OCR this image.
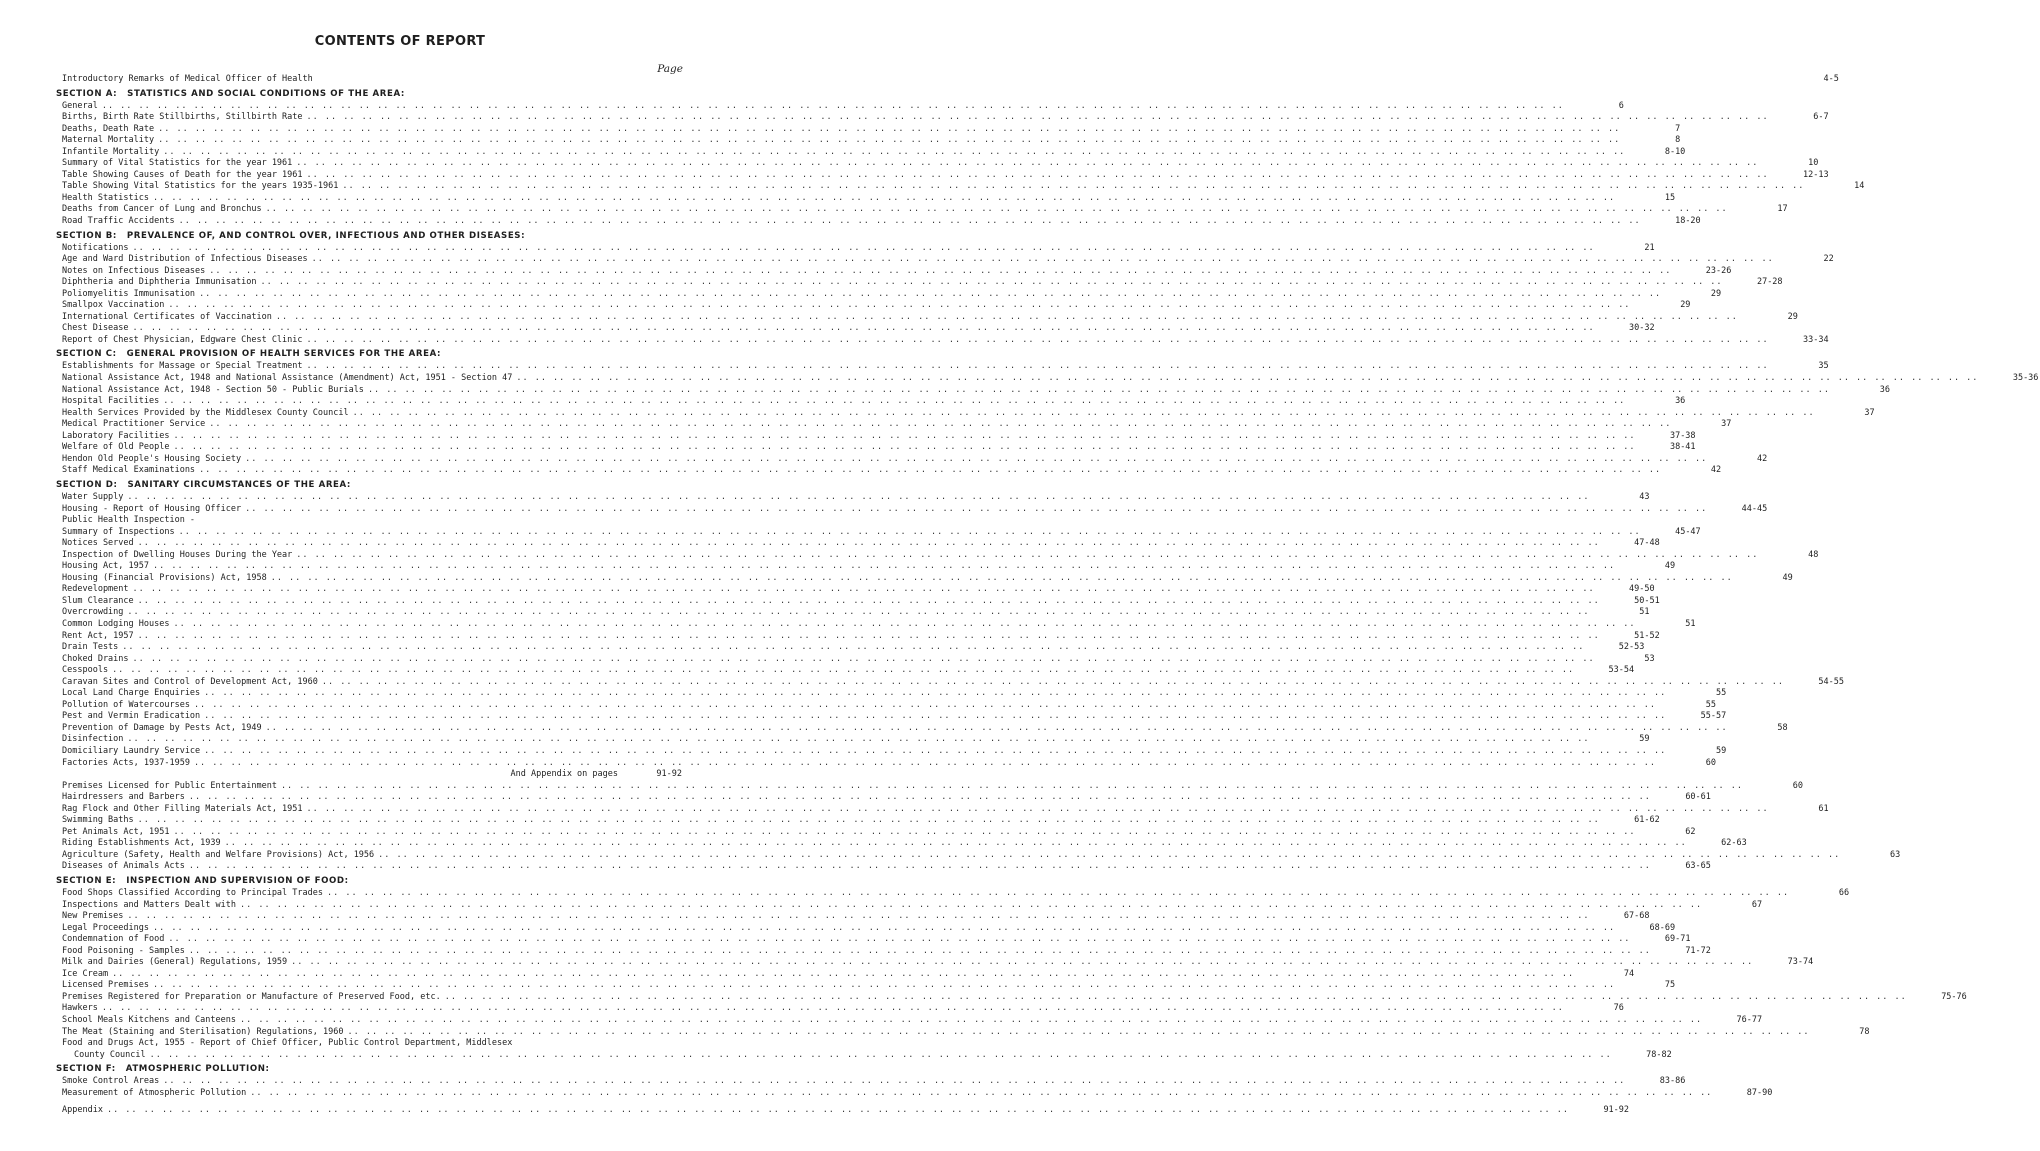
CONTENTS OF REPORT
Page
Introductory Remarks of Medical Officer of Health	4-5
SECTION A: STATISTICS AND SOCIAL CONDITIONS OF THE AREA:
General .. .. .. .. .. .. .. .. .. .. .. .. .. .. .. .. .. .. .. .. .. .. .. .. .. .. .. .. .. .. .. .. .. .. .. .. .. .. .. .. .. .. .. .. .. .. .. .. .. .. .. .. .. .. .. .. .. .. .. .. .. .. .. .. .. .. .. .. .. .. .. .. .. .. .. .. .. .. .. ..	6
Births, Birth Rate Stillbirths, Stillbirth Rate .. .. .. .. .. .. .. .. .. .. .. .. .. .. .. .. .. .. .. .. .. .. .. .. .. .. .. .. .. .. .. .. .. .. .. .. .. .. .. .. .. .. .. .. .. .. .. .. .. .. .. .. .. .. .. .. .. .. .. .. .. .. .. .. .. .. .. .. .. .. .. .. .. .. .. .. .. .. .. ..	6-7
Deaths, Death Rate .. .. .. .. .. .. .. .. .. .. .. .. .. .. .. .. .. .. .. .. .. .. .. .. .. .. .. .. .. .. .. .. .. .. .. .. .. .. .. .. .. .. .. .. .. .. .. .. .. .. .. .. .. .. .. .. .. .. .. .. .. .. .. .. .. .. .. .. .. .. .. .. .. .. .. .. .. .. .. ..	7
Maternal Mortality .. .. .. .. .. .. .. .. .. .. .. .. .. .. .. .. .. .. .. .. .. .. .. .. .. .. .. .. .. .. .. .. .. .. .. .. .. .. .. .. .. .. .. .. .. .. .. .. .. .. .. .. .. .. .. .. .. .. .. .. .. .. .. .. .. .. .. .. .. .. .. .. .. .. .. .. .. .. .. ..	8
Infantile Mortality .. .. .. .. .. .. .. .. .. .. .. .. .. .. .. .. .. .. .. .. .. .. .. .. .. .. .. .. .. .. .. .. .. .. .. .. .. .. .. .. .. .. .. .. .. .. .. .. .. .. .. .. .. .. .. .. .. .. .. .. .. .. .. .. .. .. .. .. .. .. .. .. .. .. .. .. .. .. .. ..	8-10
Summary of Vital Statistics for the year 1961 .. .. .. .. .. .. .. .. .. .. .. .. .. .. .. .. .. .. .. .. .. .. .. .. .. .. .. .. .. .. .. .. .. .. .. .. .. .. .. .. .. .. .. .. .. .. .. .. .. .. .. .. .. .. .. .. .. .. .. .. .. .. .. .. .. .. .. .. .. .. .. .. .. .. .. .. .. .. .. ..	10
Table Showing Causes of Death for the year 1961 .. .. .. .. .. .. .. .. .. .. .. .. .. .. .. .. .. .. .. .. .. .. .. .. .. .. .. .. .. .. .. .. .. .. .. .. .. .. .. .. .. .. .. .. .. .. .. .. .. .. .. .. .. .. .. .. .. .. .. .. .. .. .. .. .. .. .. .. .. .. .. .. .. .. .. .. .. .. .. ..	12-13
Table Showing Vital Statistics for the years 1935-1961 .. .. .. .. .. .. .. .. .. .. .. .. .. .. .. .. .. .. .. .. .. .. .. .. .. .. .. .. .. .. .. .. .. .. .. .. .. .. .. .. .. .. .. .. .. .. .. .. .. .. .. .. .. .. .. .. .. .. .. .. .. .. .. .. .. .. .. .. .. .. .. .. .. .. .. .. .. .. .. ..	14
Health Statistics .. .. .. .. .. .. .. .. .. .. .. .. .. .. .. .. .. .. .. .. .. .. .. .. .. .. .. .. .. .. .. .. .. .. .. .. .. .. .. .. .. .. .. .. .. .. .. .. .. .. .. .. .. .. .. .. .. .. .. .. .. .. .. .. .. .. .. .. .. .. .. .. .. .. .. .. .. .. .. ..	15
Deaths from Cancer of Lung and Bronchus .. .. .. .. .. .. .. .. .. .. .. .. .. .. .. .. .. .. .. .. .. .. .. .. .. .. .. .. .. .. .. .. .. .. .. .. .. .. .. .. .. .. .. .. .. .. .. .. .. .. .. .. .. .. .. .. .. .. .. .. .. .. .. .. .. .. .. .. .. .. .. .. .. .. .. .. .. .. .. ..	17
Road Traffic Accidents .. .. .. .. .. .. .. .. .. .. .. .. .. .. .. .. .. .. .. .. .. .. .. .. .. .. .. .. .. .. .. .. .. .. .. .. .. .. .. .. .. .. .. .. .. .. .. .. .. .. .. .. .. .. .. .. .. .. .. .. .. .. .. .. .. .. .. .. .. .. .. .. .. .. .. .. .. .. .. ..	18-20
SECTION B: PREVALENCE OF, AND CONTROL OVER, INFECTIOUS AND OTHER DISEASES:
Notifications .. .. .. .. .. .. .. .. .. .. .. .. .. .. .. .. .. .. .. .. .. .. .. .. .. .. .. .. .. .. .. .. .. .. .. .. .. .. .. .. .. .. .. .. .. .. .. .. .. .. .. .. .. .. .. .. .. .. .. .. .. .. .. .. .. .. .. .. .. .. .. .. .. .. .. .. .. .. .. ..	21
Age and Ward Distribution of Infectious Diseases .. .. .. .. .. .. .. .. .. .. .. .. .. .. .. .. .. .. .. .. .. .. .. .. .. .. .. .. .. .. .. .. .. .. .. .. .. .. .. .. .. .. .. .. .. .. .. .. .. .. .. .. .. .. .. .. .. .. .. .. .. .. .. .. .. .. .. .. .. .. .. .. .. .. .. .. .. .. .. ..	22
Notes on Infectious Diseases .. .. .. .. .. .. .. .. .. .. .. .. .. .. .. .. .. .. .. .. .. .. .. .. .. .. .. .. .. .. .. .. .. .. .. .. .. .. .. .. .. .. .. .. .. .. .. .. .. .. .. .. .. .. .. .. .. .. .. .. .. .. .. .. .. .. .. .. .. .. .. .. .. .. .. .. .. .. .. ..	23-26
Diphtheria and Diphtheria Immunisation .. .. .. .. .. .. .. .. .. .. .. .. .. .. .. .. .. .. .. .. .. .. .. .. .. .. .. .. .. .. .. .. .. .. .. .. .. .. .. .. .. .. .. .. .. .. .. .. .. .. .. .. .. .. .. .. .. .. .. .. .. .. .. .. .. .. .. .. .. .. .. .. .. .. .. .. .. .. .. ..	27-28
Poliomyelitis Immunisation .. .. .. .. .. .. .. .. .. .. .. .. .. .. .. .. .. .. .. .. .. .. .. .. .. .. .. .. .. .. .. .. .. .. .. .. .. .. .. .. .. .. .. .. .. .. .. .. .. .. .. .. .. .. .. .. .. .. .. .. .. .. .. .. .. .. .. .. .. .. .. .. .. .. .. .. .. .. .. ..	29
Smallpox Vaccination .. .. .. .. .. .. .. .. .. .. .. .. .. .. .. .. .. .. .. .. .. .. .. .. .. .. .. .. .. .. .. .. .. .. .. .. .. .. .. .. .. .. .. .. .. .. .. .. .. .. .. .. .. .. .. .. .. .. .. .. .. .. .. .. .. .. .. .. .. .. .. .. .. .. .. .. .. .. .. ..	29
International Certificates of Vaccination .. .. .. .. .. .. .. .. .. .. .. .. .. .. .. .. .. .. .. .. .. .. .. .. .. .. .. .. .. .. .. .. .. .. .. .. .. .. .. .. .. .. .. .. .. .. .. .. .. .. .. .. .. .. .. .. .. .. .. .. .. .. .. .. .. .. .. .. .. .. .. .. .. .. .. .. .. .. .. ..	29
Chest Disease .. .. .. .. .. .. .. .. .. .. .. .. .. .. .. .. .. .. .. .. .. .. .. .. .. .. .. .. .. .. .. .. .. .. .. .. .. .. .. .. .. .. .. .. .. .. .. .. .. .. .. .. .. .. .. .. .. .. .. .. .. .. .. .. .. .. .. .. .. .. .. .. .. .. .. .. .. .. .. ..	30-32
Report of Chest Physician, Edgware Chest Clinic .. .. .. .. .. .. .. .. .. .. .. .. .. .. .. .. .. .. .. .. .. .. .. .. .. .. .. .. .. .. .. .. .. .. .. .. .. .. .. .. .. .. .. .. .. .. .. .. .. .. .. .. .. .. .. .. .. .. .. .. .. .. .. .. .. .. .. .. .. .. .. .. .. .. .. .. .. .. .. ..	33-34
SECTION C: GENERAL PROVISION OF HEALTH SERVICES FOR THE AREA:
Establishments for Massage or Special Treatment .. .. .. .. .. .. .. .. .. .. .. .. .. .. .. .. .. .. .. .. .. .. .. .. .. .. .. .. .. .. .. .. .. .. .. .. .. .. .. .. .. .. .. .. .. .. .. .. .. .. .. .. .. .. .. .. .. .. .. .. .. .. .. .. .. .. .. .. .. .. .. .. .. .. .. .. .. .. .. ..	35
National Assistance Act, 1948 and National Assistance (Amendment) Act, 1951 - Section 47 .. .. .. .. .. .. .. .. .. .. .. .. .. .. .. .. .. .. .. .. .. .. .. .. .. .. .. .. .. .. .. .. .. .. .. .. .. .. .. .. .. .. .. .. .. .. .. .. .. .. .. .. .. .. .. .. .. .. .. .. .. .. .. .. .. .. .. .. .. .. .. .. .. .. .. .. .. .. .. ..	35-36
National Assistance Act, 1948 - Section 50 - Public Burials .. .. .. .. .. .. .. .. .. .. .. .. .. .. .. .. .. .. .. .. .. .. .. .. .. .. .. .. .. .. .. .. .. .. .. .. .. .. .. .. .. .. .. .. .. .. .. .. .. .. .. .. .. .. .. .. .. .. .. .. .. .. .. .. .. .. .. .. .. .. .. .. .. .. .. .. .. .. .. ..	36
Hospital Facilities .. .. .. .. .. .. .. .. .. .. .. .. .. .. .. .. .. .. .. .. .. .. .. .. .. .. .. .. .. .. .. .. .. .. .. .. .. .. .. .. .. .. .. .. .. .. .. .. .. .. .. .. .. .. .. .. .. .. .. .. .. .. .. .. .. .. .. .. .. .. .. .. .. .. .. .. .. .. .. ..	36
Health Services Provided by the Middlesex County Council .. .. .. .. .. .. .. .. .. .. .. .. .. .. .. .. .. .. .. .. .. .. .. .. .. .. .. .. .. .. .. .. .. .. .. .. .. .. .. .. .. .. .. .. .. .. .. .. .. .. .. .. .. .. .. .. .. .. .. .. .. .. .. .. .. .. .. .. .. .. .. .. .. .. .. .. .. .. .. ..	37
Medical Practitioner Service .. .. .. .. .. .. .. .. .. .. .. .. .. .. .. .. .. .. .. .. .. .. .. .. .. .. .. .. .. .. .. .. .. .. .. .. .. .. .. .. .. .. .. .. .. .. .. .. .. .. .. .. .. .. .. .. .. .. .. .. .. .. .. .. .. .. .. .. .. .. .. .. .. .. .. .. .. .. .. ..	37
Laboratory Facilities .. .. .. .. .. .. .. .. .. .. .. .. .. .. .. .. .. .. .. .. .. .. .. .. .. .. .. .. .. .. .. .. .. .. .. .. .. .. .. .. .. .. .. .. .. .. .. .. .. .. .. .. .. .. .. .. .. .. .. .. .. .. .. .. .. .. .. .. .. .. .. .. .. .. .. .. .. .. .. ..	37-38
Welfare of Old People .. .. .. .. .. .. .. .. .. .. .. .. .. .. .. .. .. .. .. .. .. .. .. .. .. .. .. .. .. .. .. .. .. .. .. .. .. .. .. .. .. .. .. .. .. .. .. .. .. .. .. .. .. .. .. .. .. .. .. .. .. .. .. .. .. .. .. .. .. .. .. .. .. .. .. .. .. .. .. ..	38-41
Hendon Old People's Housing Society .. .. .. .. .. .. .. .. .. .. .. .. .. .. .. .. .. .. .. .. .. .. .. .. .. .. .. .. .. .. .. .. .. .. .. .. .. .. .. .. .. .. .. .. .. .. .. .. .. .. .. .. .. .. .. .. .. .. .. .. .. .. .. .. .. .. .. .. .. .. .. .. .. .. .. .. .. .. .. ..	42
Staff Medical Examinations .. .. .. .. .. .. .. .. .. .. .. .. .. .. .. .. .. .. .. .. .. .. .. .. .. .. .. .. .. .. .. .. .. .. .. .. .. .. .. .. .. .. .. .. .. .. .. .. .. .. .. .. .. .. .. .. .. .. .. .. .. .. .. .. .. .. .. .. .. .. .. .. .. .. .. .. .. .. .. ..	42
SECTION D: SANITARY CIRCUMSTANCES OF THE AREA:
Water Supply .. .. .. .. .. .. .. .. .. .. .. .. .. .. .. .. .. .. .. .. .. .. .. .. .. .. .. .. .. .. .. .. .. .. .. .. .. .. .. .. .. .. .. .. .. .. .. .. .. .. .. .. .. .. .. .. .. .. .. .. .. .. .. .. .. .. .. .. .. .. .. .. .. .. .. .. .. .. .. ..	43
Housing - Report of Housing Officer .. .. .. .. .. .. .. .. .. .. .. .. .. .. .. .. .. .. .. .. .. .. .. .. .. .. .. .. .. .. .. .. .. .. .. .. .. .. .. .. .. .. .. .. .. .. .. .. .. .. .. .. .. .. .. .. .. .. .. .. .. .. .. .. .. .. .. .. .. .. .. .. .. .. .. .. .. .. .. ..	44-45
Public Health Inspection -
Summary of Inspections .. .. .. .. .. .. .. .. .. .. .. .. .. .. .. .. .. .. .. .. .. .. .. .. .. .. .. .. .. .. .. .. .. .. .. .. .. .. .. .. .. .. .. .. .. .. .. .. .. .. .. .. .. .. .. .. .. .. .. .. .. .. .. .. .. .. .. .. .. .. .. .. .. .. .. .. .. .. .. ..	45-47
Notices Served .. .. .. .. .. .. .. .. .. .. .. .. .. .. .. .. .. .. .. .. .. .. .. .. .. .. .. .. .. .. .. .. .. .. .. .. .. .. .. .. .. .. .. .. .. .. .. .. .. .. .. .. .. .. .. .. .. .. .. .. .. .. .. .. .. .. .. .. .. .. .. .. .. .. .. .. .. .. .. ..	47-48
Inspection of Dwelling Houses During the Year .. .. .. .. .. .. .. .. .. .. .. .. .. .. .. .. .. .. .. .. .. .. .. .. .. .. .. .. .. .. .. .. .. .. .. .. .. .. .. .. .. .. .. .. .. .. .. .. .. .. .. .. .. .. .. .. .. .. .. .. .. .. .. .. .. .. .. .. .. .. .. .. .. .. .. .. .. .. .. ..	48
Housing Act, 1957 .. .. .. .. .. .. .. .. .. .. .. .. .. .. .. .. .. .. .. .. .. .. .. .. .. .. .. .. .. .. .. .. .. .. .. .. .. .. .. .. .. .. .. .. .. .. .. .. .. .. .. .. .. .. .. .. .. .. .. .. .. .. .. .. .. .. .. .. .. .. .. .. .. .. .. .. .. .. .. ..	49
Housing (Financial Provisions) Act, 1958 .. .. .. .. .. .. .. .. .. .. .. .. .. .. .. .. .. .. .. .. .. .. .. .. .. .. .. .. .. .. .. .. .. .. .. .. .. .. .. .. .. .. .. .. .. .. .. .. .. .. .. .. .. .. .. .. .. .. .. .. .. .. .. .. .. .. .. .. .. .. .. .. .. .. .. .. .. .. .. ..	49
Redevelopment .. .. .. .. .. .. .. .. .. .. .. .. .. .. .. .. .. .. .. .. .. .. .. .. .. .. .. .. .. .. .. .. .. .. .. .. .. .. .. .. .. .. .. .. .. .. .. .. .. .. .. .. .. .. .. .. .. .. .. .. .. .. .. .. .. .. .. .. .. .. .. .. .. .. .. .. .. .. .. ..	49-50
Slum Clearance .. .. .. .. .. .. .. .. .. .. .. .. .. .. .. .. .. .. .. .. .. .. .. .. .. .. .. .. .. .. .. .. .. .. .. .. .. .. .. .. .. .. .. .. .. .. .. .. .. .. .. .. .. .. .. .. .. .. .. .. .. .. .. .. .. .. .. .. .. .. .. .. .. .. .. .. .. .. .. ..	50-51
Overcrowding .. .. .. .. .. .. .. .. .. .. .. .. .. .. .. .. .. .. .. .. .. .. .. .. .. .. .. .. .. .. .. .. .. .. .. .. .. .. .. .. .. .. .. .. .. .. .. .. .. .. .. .. .. .. .. .. .. .. .. .. .. .. .. .. .. .. .. .. .. .. .. .. .. .. .. .. .. .. .. ..	51
Common Lodging Houses .. .. .. .. .. .. .. .. .. .. .. .. .. .. .. .. .. .. .. .. .. .. .. .. .. .. .. .. .. .. .. .. .. .. .. .. .. .. .. .. .. .. .. .. .. .. .. .. .. .. .. .. .. .. .. .. .. .. .. .. .. .. .. .. .. .. .. .. .. .. .. .. .. .. .. .. .. .. .. ..	51
Rent Act, 1957 .. .. .. .. .. .. .. .. .. .. .. .. .. .. .. .. .. .. .. .. .. .. .. .. .. .. .. .. .. .. .. .. .. .. .. .. .. .. .. .. .. .. .. .. .. .. .. .. .. .. .. .. .. .. .. .. .. .. .. .. .. .. .. .. .. .. .. .. .. .. .. .. .. .. .. .. .. .. .. ..	51-52
Drain Tests .. .. .. .. .. .. .. .. .. .. .. .. .. .. .. .. .. .. .. .. .. .. .. .. .. .. .. .. .. .. .. .. .. .. .. .. .. .. .. .. .. .. .. .. .. .. .. .. .. .. .. .. .. .. .. .. .. .. .. .. .. .. .. .. .. .. .. .. .. .. .. .. .. .. .. .. .. .. .. ..	52-53
Choked Drains .. .. .. .. .. .. .. .. .. .. .. .. .. .. .. .. .. .. .. .. .. .. .. .. .. .. .. .. .. .. .. .. .. .. .. .. .. .. .. .. .. .. .. .. .. .. .. .. .. .. .. .. .. .. .. .. .. .. .. .. .. .. .. .. .. .. .. .. .. .. .. .. .. .. .. .. .. .. .. ..	53
Cesspools .. .. .. .. .. .. .. .. .. .. .. .. .. .. .. .. .. .. .. .. .. .. .. .. .. .. .. .. .. .. .. .. .. .. .. .. .. .. .. .. .. .. .. .. .. .. .. .. .. .. .. .. .. .. .. .. .. .. .. .. .. .. .. .. .. .. .. .. .. .. .. .. .. .. .. .. .. .. .. ..	53-54
Caravan Sites and Control of Development Act, 1960 .. .. .. .. .. .. .. .. .. .. .. .. .. .. .. .. .. .. .. .. .. .. .. .. .. .. .. .. .. .. .. .. .. .. .. .. .. .. .. .. .. .. .. .. .. .. .. .. .. .. .. .. .. .. .. .. .. .. .. .. .. .. .. .. .. .. .. .. .. .. .. .. .. .. .. .. .. .. .. ..	54-55
Local Land Charge Enquiries .. .. .. .. .. .. .. .. .. .. .. .. .. .. .. .. .. .. .. .. .. .. .. .. .. .. .. .. .. .. .. .. .. .. .. .. .. .. .. .. .. .. .. .. .. .. .. .. .. .. .. .. .. .. .. .. .. .. .. .. .. .. .. .. .. .. .. .. .. .. .. .. .. .. .. .. .. .. .. ..	55
Pollution of Watercourses .. .. .. .. .. .. .. .. .. .. .. .. .. .. .. .. .. .. .. .. .. .. .. .. .. .. .. .. .. .. .. .. .. .. .. .. .. .. .. .. .. .. .. .. .. .. .. .. .. .. .. .. .. .. .. .. .. .. .. .. .. .. .. .. .. .. .. .. .. .. .. .. .. .. .. .. .. .. .. ..	55
Pest and Vermin Eradication .. .. .. .. .. .. .. .. .. .. .. .. .. .. .. .. .. .. .. .. .. .. .. .. .. .. .. .. .. .. .. .. .. .. .. .. .. .. .. .. .. .. .. .. .. .. .. .. .. .. .. .. .. .. .. .. .. .. .. .. .. .. .. .. .. .. .. .. .. .. .. .. .. .. .. .. .. .. .. ..	55-57
Prevention of Damage by Pests Act, 1949 .. .. .. .. .. .. .. .. .. .. .. .. .. .. .. .. .. .. .. .. .. .. .. .. .. .. .. .. .. .. .. .. .. .. .. .. .. .. .. .. .. .. .. .. .. .. .. .. .. .. .. .. .. .. .. .. .. .. .. .. .. .. .. .. .. .. .. .. .. .. .. .. .. .. .. .. .. .. .. ..	58
Disinfection .. .. .. .. .. .. .. .. .. .. .. .. .. .. .. .. .. .. .. .. .. .. .. .. .. .. .. .. .. .. .. .. .. .. .. .. .. .. .. .. .. .. .. .. .. .. .. .. .. .. .. .. .. .. .. .. .. .. .. .. .. .. .. .. .. .. .. .. .. .. .. .. .. .. .. .. .. .. .. ..	59
Domiciliary Laundry Service .. .. .. .. .. .. .. .. .. .. .. .. .. .. .. .. .. .. .. .. .. .. .. .. .. .. .. .. .. .. .. .. .. .. .. .. .. .. .. .. .. .. .. .. .. .. .. .. .. .. .. .. .. .. .. .. .. .. .. .. .. .. .. .. .. .. .. .. .. .. .. .. .. .. .. .. .. .. .. ..	59
Factories Acts, 1937-1959 .. .. .. .. .. .. .. .. .. .. .. .. .. .. .. .. .. .. .. .. .. .. .. .. .. .. .. .. .. .. .. .. .. .. .. .. .. .. .. .. .. .. .. .. .. .. .. .. .. .. .. .. .. .. .. .. .. .. .. .. .. .. .. .. .. .. .. .. .. .. .. .. .. .. .. .. .. .. .. ..	60
And Appendix on pages	91-92
Premises Licensed for Public Entertainment .. .. .. .. .. .. .. .. .. .. .. .. .. .. .. .. .. .. .. .. .. .. .. .. .. .. .. .. .. .. .. .. .. .. .. .. .. .. .. .. .. .. .. .. .. .. .. .. .. .. .. .. .. .. .. .. .. .. .. .. .. .. .. .. .. .. .. .. .. .. .. .. .. .. .. .. .. .. .. ..	60
Hairdressers and Barbers .. .. .. .. .. .. .. .. .. .. .. .. .. .. .. .. .. .. .. .. .. .. .. .. .. .. .. .. .. .. .. .. .. .. .. .. .. .. .. .. .. .. .. .. .. .. .. .. .. .. .. .. .. .. .. .. .. .. .. .. .. .. .. .. .. .. .. .. .. .. .. .. .. .. .. .. .. .. .. ..	60-61
Rag Flock and Other Filling Materials Act, 1951 .. .. .. .. .. .. .. .. .. .. .. .. .. .. .. .. .. .. .. .. .. .. .. .. .. .. .. .. .. .. .. .. .. .. .. .. .. .. .. .. .. .. .. .. .. .. .. .. .. .. .. .. .. .. .. .. .. .. .. .. .. .. .. .. .. .. .. .. .. .. .. .. .. .. .. .. .. .. .. ..	61
Swimming Baths .. .. .. .. .. .. .. .. .. .. .. .. .. .. .. .. .. .. .. .. .. .. .. .. .. .. .. .. .. .. .. .. .. .. .. .. .. .. .. .. .. .. .. .. .. .. .. .. .. .. .. .. .. .. .. .. .. .. .. .. .. .. .. .. .. .. .. .. .. .. .. .. .. .. .. .. .. .. .. ..	61-62
Pet Animals Act, 1951 .. .. .. .. .. .. .. .. .. .. .. .. .. .. .. .. .. .. .. .. .. .. .. .. .. .. .. .. .. .. .. .. .. .. .. .. .. .. .. .. .. .. .. .. .. .. .. .. .. .. .. .. .. .. .. .. .. .. .. .. .. .. .. .. .. .. .. .. .. .. .. .. .. .. .. .. .. .. .. ..	62
Riding Establishments Act, 1939 .. .. .. .. .. .. .. .. .. .. .. .. .. .. .. .. .. .. .. .. .. .. .. .. .. .. .. .. .. .. .. .. .. .. .. .. .. .. .. .. .. .. .. .. .. .. .. .. .. .. .. .. .. .. .. .. .. .. .. .. .. .. .. .. .. .. .. .. .. .. .. .. .. .. .. .. .. .. .. ..	62-63
Agriculture (Safety, Health and Welfare Provisions) Act, 1956 .. .. .. .. .. .. .. .. .. .. .. .. .. .. .. .. .. .. .. .. .. .. .. .. .. .. .. .. .. .. .. .. .. .. .. .. .. .. .. .. .. .. .. .. .. .. .. .. .. .. .. .. .. .. .. .. .. .. .. .. .. .. .. .. .. .. .. .. .. .. .. .. .. .. .. .. .. .. .. ..	63
Diseases of Animals Acts .. .. .. .. .. .. .. .. .. .. .. .. .. .. .. .. .. .. .. .. .. .. .. .. .. .. .. .. .. .. .. .. .. .. .. .. .. .. .. .. .. .. .. .. .. .. .. .. .. .. .. .. .. .. .. .. .. .. .. .. .. .. .. .. .. .. .. .. .. .. .. .. .. .. .. .. .. .. .. ..	63-65
SECTION E: INSPECTION AND SUPERVISION OF FOOD:
Food Shops Classified According to Principal Trades .. .. .. .. .. .. .. .. .. .. .. .. .. .. .. .. .. .. .. .. .. .. .. .. .. .. .. .. .. .. .. .. .. .. .. .. .. .. .. .. .. .. .. .. .. .. .. .. .. .. .. .. .. .. .. .. .. .. .. .. .. .. .. .. .. .. .. .. .. .. .. .. .. .. .. .. .. .. .. ..	66
Inspections and Matters Dealt with .. .. .. .. .. .. .. .. .. .. .. .. .. .. .. .. .. .. .. .. .. .. .. .. .. .. .. .. .. .. .. .. .. .. .. .. .. .. .. .. .. .. .. .. .. .. .. .. .. .. .. .. .. .. .. .. .. .. .. .. .. .. .. .. .. .. .. .. .. .. .. .. .. .. .. .. .. .. .. ..	67
New Premises .. .. .. .. .. .. .. .. .. .. .. .. .. .. .. .. .. .. .. .. .. .. .. .. .. .. .. .. .. .. .. .. .. .. .. .. .. .. .. .. .. .. .. .. .. .. .. .. .. .. .. .. .. .. .. .. .. .. .. .. .. .. .. .. .. .. .. .. .. .. .. .. .. .. .. .. .. .. .. ..	67-68
Legal Proceedings .. .. .. .. .. .. .. .. .. .. .. .. .. .. .. .. .. .. .. .. .. .. .. .. .. .. .. .. .. .. .. .. .. .. .. .. .. .. .. .. .. .. .. .. .. .. .. .. .. .. .. .. .. .. .. .. .. .. .. .. .. .. .. .. .. .. .. .. .. .. .. .. .. .. .. .. .. .. .. ..	68-69
Condemnation of Food .. .. .. .. .. .. .. .. .. .. .. .. .. .. .. .. .. .. .. .. .. .. .. .. .. .. .. .. .. .. .. .. .. .. .. .. .. .. .. .. .. .. .. .. .. .. .. .. .. .. .. .. .. .. .. .. .. .. .. .. .. .. .. .. .. .. .. .. .. .. .. .. .. .. .. .. .. .. .. ..	69-71
Food Poisoning - Samples .. .. .. .. .. .. .. .. .. .. .. .. .. .. .. .. .. .. .. .. .. .. .. .. .. .. .. .. .. .. .. .. .. .. .. .. .. .. .. .. .. .. .. .. .. .. .. .. .. .. .. .. .. .. .. .. .. .. .. .. .. .. .. .. .. .. .. .. .. .. .. .. .. .. .. .. .. .. .. ..	71-72
Milk and Dairies (General) Regulations, 1959 .. .. .. .. .. .. .. .. .. .. .. .. .. .. .. .. .. .. .. .. .. .. .. .. .. .. .. .. .. .. .. .. .. .. .. .. .. .. .. .. .. .. .. .. .. .. .. .. .. .. .. .. .. .. .. .. .. .. .. .. .. .. .. .. .. .. .. .. .. .. .. .. .. .. .. .. .. .. .. ..	73-74
Ice Cream .. .. .. .. .. .. .. .. .. .. .. .. .. .. .. .. .. .. .. .. .. .. .. .. .. .. .. .. .. .. .. .. .. .. .. .. .. .. .. .. .. .. .. .. .. .. .. .. .. .. .. .. .. .. .. .. .. .. .. .. .. .. .. .. .. .. .. .. .. .. .. .. .. .. .. .. .. .. .. ..	74
Licensed Premises .. .. .. .. .. .. .. .. .. .. .. .. .. .. .. .. .. .. .. .. .. .. .. .. .. .. .. .. .. .. .. .. .. .. .. .. .. .. .. .. .. .. .. .. .. .. .. .. .. .. .. .. .. .. .. .. .. .. .. .. .. .. .. .. .. .. .. .. .. .. .. .. .. .. .. .. .. .. .. ..	75
Premises Registered for Preparation or Manufacture of Preserved Food, etc. .. .. .. .. .. .. .. .. .. .. .. .. .. .. .. .. .. .. .. .. .. .. .. .. .. .. .. .. .. .. .. .. .. .. .. .. .. .. .. .. .. .. .. .. .. .. .. .. .. .. .. .. .. .. .. .. .. .. .. .. .. .. .. .. .. .. .. .. .. .. .. .. .. .. .. .. .. .. .. ..	75-76
Hawkers .. .. .. .. .. .. .. .. .. .. .. .. .. .. .. .. .. .. .. .. .. .. .. .. .. .. .. .. .. .. .. .. .. .. .. .. .. .. .. .. .. .. .. .. .. .. .. .. .. .. .. .. .. .. .. .. .. .. .. .. .. .. .. .. .. .. .. .. .. .. .. .. .. .. .. .. .. .. .. ..	76
School Meals Kitchens and Canteens .. .. .. .. .. .. .. .. .. .. .. .. .. .. .. .. .. .. .. .. .. .. .. .. .. .. .. .. .. .. .. .. .. .. .. .. .. .. .. .. .. .. .. .. .. .. .. .. .. .. .. .. .. .. .. .. .. .. .. .. .. .. .. .. .. .. .. .. .. .. .. .. .. .. .. .. .. .. .. ..	76-77
The Meat (Staining and Sterilisation) Regulations, 1960 .. .. .. .. .. .. .. .. .. .. .. .. .. .. .. .. .. .. .. .. .. .. .. .. .. .. .. .. .. .. .. .. .. .. .. .. .. .. .. .. .. .. .. .. .. .. .. .. .. .. .. .. .. .. .. .. .. .. .. .. .. .. .. .. .. .. .. .. .. .. .. .. .. .. .. .. .. .. .. ..	78
Food and Drugs Act, 1955 - Report of Chief Officer, Public Control Department, Middlesex
County Council .. .. .. .. .. .. .. .. .. .. .. .. .. .. .. .. .. .. .. .. .. .. .. .. .. .. .. .. .. .. .. .. .. .. .. .. .. .. .. .. .. .. .. .. .. .. .. .. .. .. .. .. .. .. .. .. .. .. .. .. .. .. .. .. .. .. .. .. .. .. .. .. .. .. .. .. .. .. .. ..	78-82
SECTION F: ATMOSPHERIC POLLUTION:
Smoke Control Areas .. .. .. .. .. .. .. .. .. .. .. .. .. .. .. .. .. .. .. .. .. .. .. .. .. .. .. .. .. .. .. .. .. .. .. .. .. .. .. .. .. .. .. .. .. .. .. .. .. .. .. .. .. .. .. .. .. .. .. .. .. .. .. .. .. .. .. .. .. .. .. .. .. .. .. .. .. .. .. ..	83-86
Measurement of Atmospheric Pollution .. .. .. .. .. .. .. .. .. .. .. .. .. .. .. .. .. .. .. .. .. .. .. .. .. .. .. .. .. .. .. .. .. .. .. .. .. .. .. .. .. .. .. .. .. .. .. .. .. .. .. .. .. .. .. .. .. .. .. .. .. .. .. .. .. .. .. .. .. .. .. .. .. .. .. .. .. .. .. ..	87-90
Appendix .. .. .. .. .. .. .. .. .. .. .. .. .. .. .. .. .. .. .. .. .. .. .. .. .. .. .. .. .. .. .. .. .. .. .. .. .. .. .. .. .. .. .. .. .. .. .. .. .. .. .. .. .. .. .. .. .. .. .. .. .. .. .. .. .. .. .. .. .. .. .. .. .. .. .. .. .. .. .. ..	91-92
